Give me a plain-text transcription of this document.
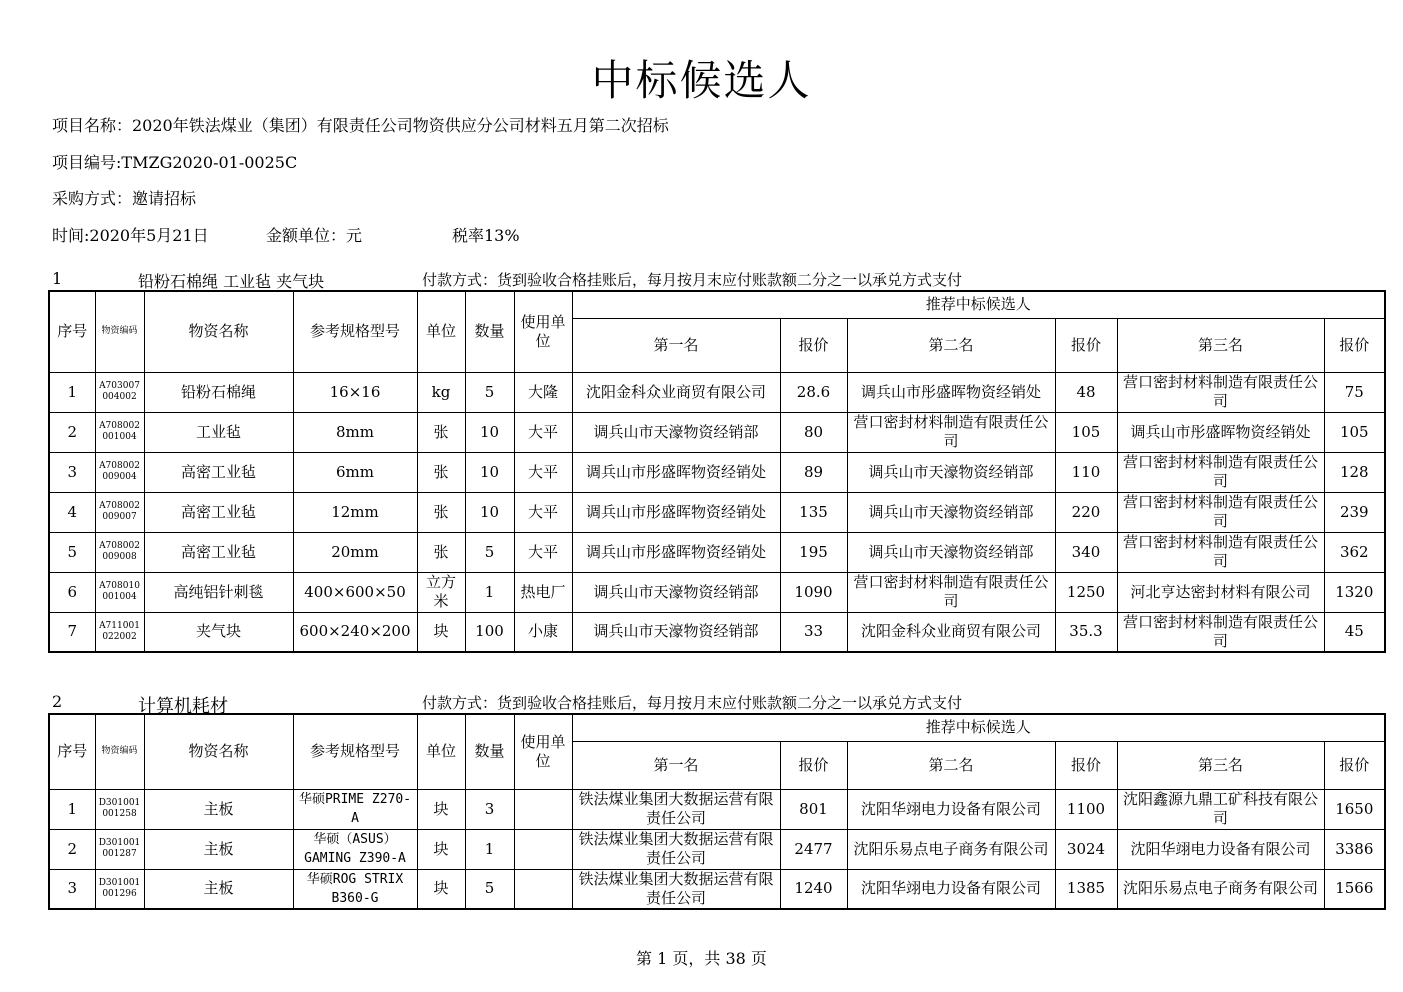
中标候选人
项目名称：2020年铁法煤业（集团）有限责任公司物资供应分公司材料五月第二次招标
项目编号:TMZG2020-01-0025C
采购方式：邀请招标
时间:2020年5月21日	金额单位：元	税率13%
1	铅粉石棉绳 工业毡 夹气块	付款方式：货到验收合格挂账后，每月按月末应付账款额二分之一以承兑方式支付
序号	物资编码	物资名称	参考规格型号	单位	数量	使用单位	推荐中标候选人					
							第一名	报价	第二名	报价	第三名	报价
1	A703007 004002	铅粉石棉绳	16×16	kg	5	大隆	沈阳金科众业商贸有限公司	28.6	调兵山市彤盛晖物资经销处	48	营口密封材料制造有限责任公司	75
2	A708002 001004	工业毡	8mm	张	10	大平	调兵山市天濠物资经销部	80	营口密封材料制造有限责任公司	105	调兵山市彤盛晖物资经销处	105
3	A708002 009004	高密工业毡	6mm	张	10	大平	调兵山市彤盛晖物资经销处	89	调兵山市天濠物资经销部	110	营口密封材料制造有限责任公司	128
4	A708002 009007	高密工业毡	12mm	张	10	大平	调兵山市彤盛晖物资经销处	135	调兵山市天濠物资经销部	220	营口密封材料制造有限责任公司	239
5	A708002 009008	高密工业毡	20mm	张	5	大平	调兵山市彤盛晖物资经销处	195	调兵山市天濠物资经销部	340	营口密封材料制造有限责任公司	362
6	A708010 001004	高纯铝针刺毯	400×600×50	立方米	1	热电厂	调兵山市天濠物资经销部	1090	营口密封材料制造有限责任公司	1250	河北亨达密封材料有限公司	1320
7	A711001 022002	夹气块	600×240×200	块	100	小康	调兵山市天濠物资经销部	33	沈阳金科众业商贸有限公司	35.3	营口密封材料制造有限责任公司	45
2	计算机耗材	付款方式：货到验收合格挂账后，每月按月末应付账款额二分之一以承兑方式支付
序号	物资编码	物资名称	参考规格型号	单位	数量	使用单位	推荐中标候选人					
							第一名	报价	第二名	报价	第三名	报价
1	D301001 001258	主板	华硕PRIME Z270-A	块	3		铁法煤业集团大数据运营有限责任公司	801	沈阳华翊电力设备有限公司	1100	沈阳鑫源九鼎工矿科技有限公司	1650
2	D301001 001287	主板	华硕（ASUS） GAMING Z390-A	块	1		铁法煤业集团大数据运营有限责任公司	2477	沈阳乐易点电子商务有限公司	3024	沈阳华翊电力设备有限公司	3386
3	D301001 001296	主板	华硕ROG STRIX B360-G	块	5		铁法煤业集团大数据运营有限责任公司	1240	沈阳华翊电力设备有限公司	1385	沈阳乐易点电子商务有限公司	1566
第 1 页，共 38 页
